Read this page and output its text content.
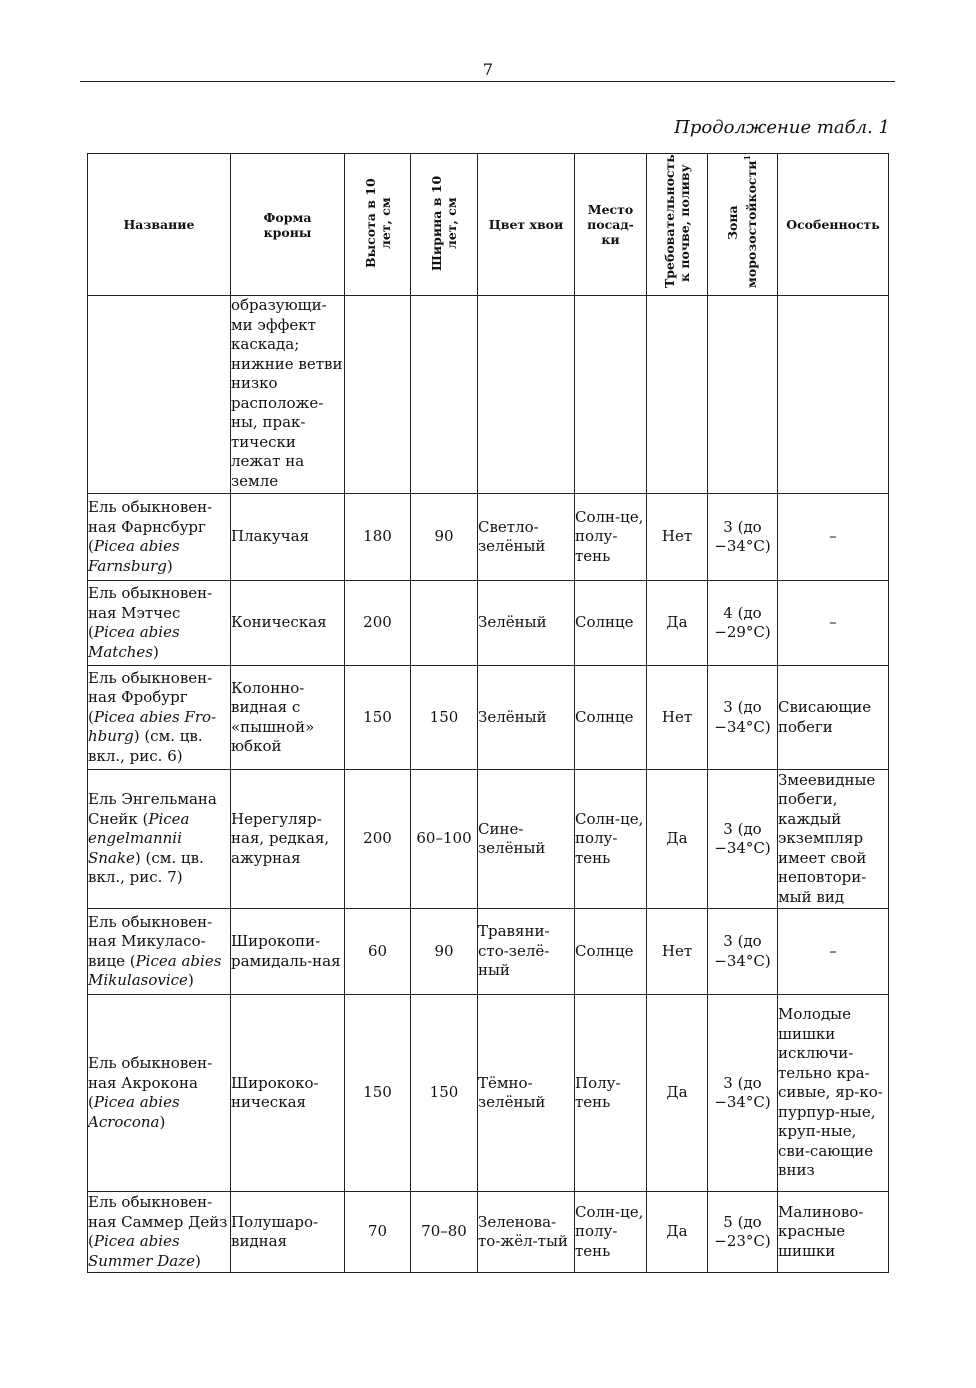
7
Продолжение табл. 1
Название	Форма кроны	Высота в 10 лет, см	Ширина в 10 лет, см	Цвет хвои	Место посад-ки	Требовательность к почве, поливу	Зона морозостойкости$^1$	Особенность
	образующи-ми эффект каскада; нижние ветви низко расположе-ны, прак-тически лежат на земле							
Ель обыкновен-ная Фарнсбург (Picea abies Farnsburg)	Плакучая	180	90	Светло-зелёный	Солн-це, полу-тень	Нет	3 (до −34°C)	–
Ель обыкновен-ная Мэтчес (Picea abies Matches)	Коническая	200		Зелёный	Солнце	Да	4 (до −29°C)	–
Ель обыкновен-ная Фробург (Picea abies Fro-hburg) (см. цв. вкл., рис. 6)	Колонно-видная с «пышной» юбкой	150	150	Зелёный	Солнце	Нет	3 (до −34°C)	Свисающие побеги
Ель Энгельмана Снейк (Picea engelmannii Snake) (см. цв. вкл., рис. 7)	Нерегуляр-ная, редкая, ажурная	200	60–100	Сине-зелёный	Солн-це, полу-тень	Да	3 (до −34°C)	Змеевидные побеги, каждый экземпляр имеет свой неповтори-мый вид
Ель обыкновен-ная Микуласо-вице (Picea abies Mikulasovice)	Широкопи-рамидаль-ная	60	90	Травяни-сто-зелё-ный	Солнце	Нет	3 (до −34°C)	–
Ель обыкновен-ная Акрокона (Picea abies Acrocona)	Ширококо-ническая	150	150	Тёмно-зелёный	Полу-тень	Да	3 (до −34°C)	Молодые шишки исключи-тельно кра-сивые, яр-ко-пурпур-ные, круп-ные, сви-сающие вниз
Ель обыкновен-ная Саммер Дейз (Picea abies Summer Daze)	Полушаро-видная	70	70–80	Зеленова-то-жёл-тый	Солн-це, полу-тень	Да	5 (до −23°C)	Малиново-красные шишки
